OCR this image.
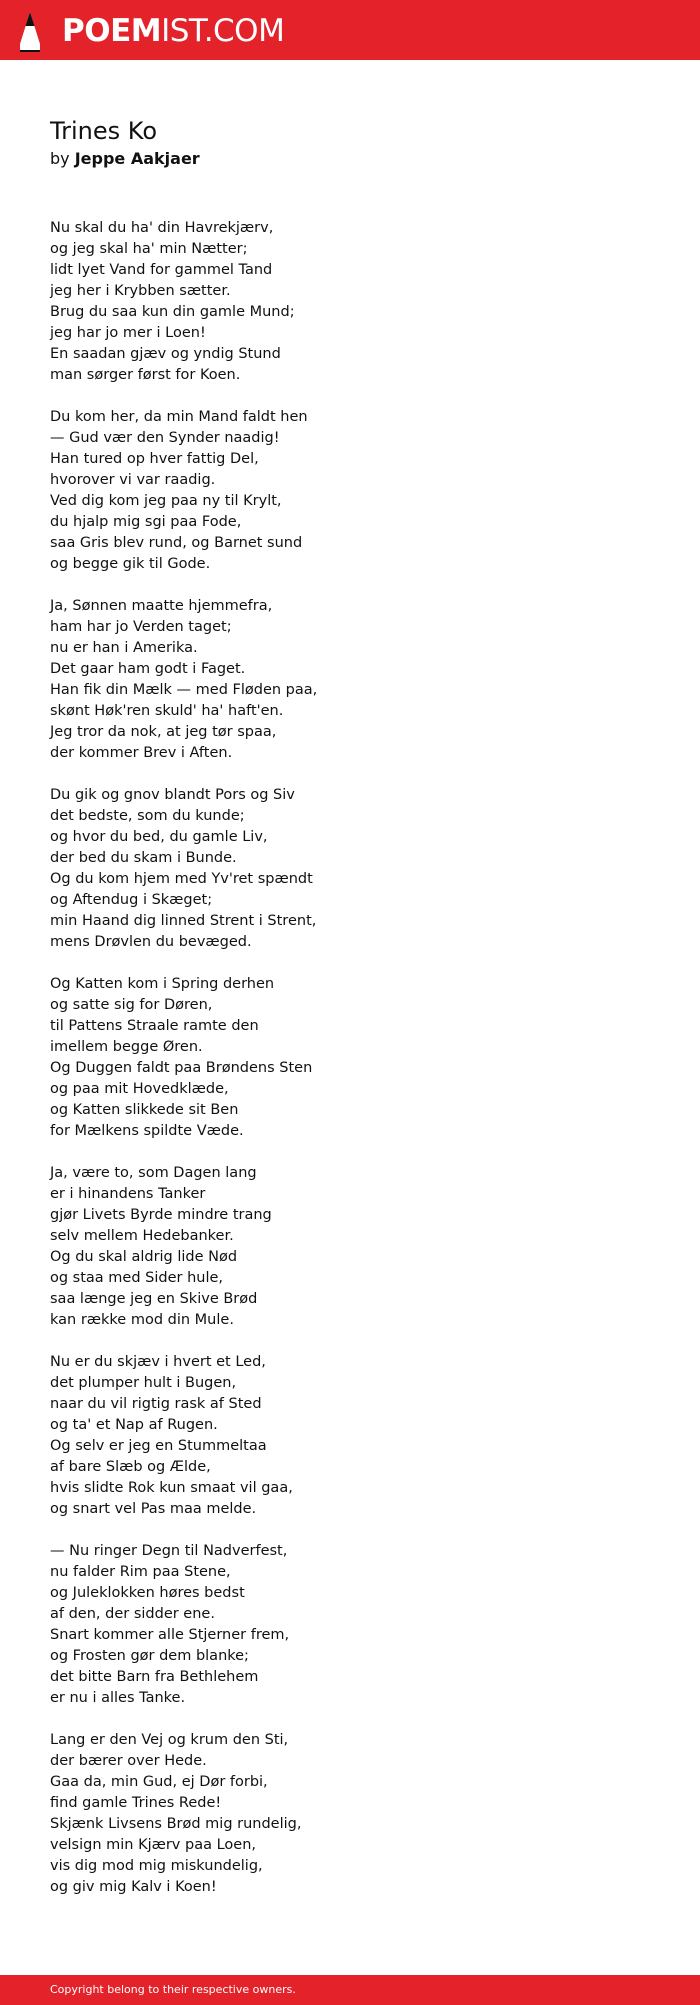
POEMIST.COM
Trines Ko

by Jeppe Aakjaer

Nu skal du ha' din Havrekjærv,
og jeg skal ha' min Nætter;
lidt lyet Vand for gammel Tand
jeg her i Krybben sætter.
Brug du saa kun din gamle Mund;
jeg har jo mer i Loen!
En saadan gjæv og yndig Stund
man sørger først for Koen.
Du kom her, da min Mand faldt hen
— Gud vær den Synder naadig!
Han tured op hver fattig Del,
hvorover vi var raadig.
Ved dig kom jeg paa ny til Krylt,
du hjalp mig sgi paa Fode,
saa Gris blev rund, og Barnet sund
og begge gik til Gode.
Ja, Sønnen maatte hjemmefra,
ham har jo Verden taget;
nu er han i Amerika.
Det gaar ham godt i Faget.
Han fik din Mælk — med Fløden paa,
skønt Høk'ren skuld' ha' haft'en.
Jeg tror da nok, at jeg tør spaa,
der kommer Brev i Aften.
Du gik og gnov blandt Pors og Siv
det bedste, som du kunde;
og hvor du bed, du gamle Liv,
der bed du skam i Bunde.
Og du kom hjem med Yv'ret spændt
og Aftendug i Skæget;
min Haand dig linned Strent i Strent,
mens Drøvlen du bevæged.
Og Katten kom i Spring derhen
og satte sig for Døren,
til Pattens Straale ramte den
imellem begge Øren.
Og Duggen faldt paa Brøndens Sten
og paa mit Hovedklæde,
og Katten slikkede sit Ben
for Mælkens spildte Væde.
Ja, være to, som Dagen lang
er i hinandens Tanker
gjør Livets Byrde mindre trang
selv mellem Hedebanker.
Og du skal aldrig lide Nød
og staa med Sider hule,
saa længe jeg en Skive Brød
kan række mod din Mule.
Nu er du skjæv i hvert et Led,
det plumper hult i Bugen,
naar du vil rigtig rask af Sted
og ta' et Nap af Rugen.
Og selv er jeg en Stummeltaa
af bare Slæb og Ælde,
hvis slidte Rok kun smaat vil gaa,
og snart vel Pas maa melde.
— Nu ringer Degn til Nadverfest,
nu falder Rim paa Stene,
og Juleklokken høres bedst
af den, der sidder ene.
Snart kommer alle Stjerner frem,
og Frosten gør dem blanke;
det bitte Barn fra Bethlehem
er nu i alles Tanke.
Lang er den Vej og krum den Sti,
der bærer over Hede.
Gaa da, min Gud, ej Dør forbi,
find gamle Trines Rede!
Skjænk Livsens Brød mig rundelig,
velsign min Kjærv paa Loen,
vis dig mod mig miskundelig,
og giv mig Kalv i Koen!
Copyright belong to their respective owners.
